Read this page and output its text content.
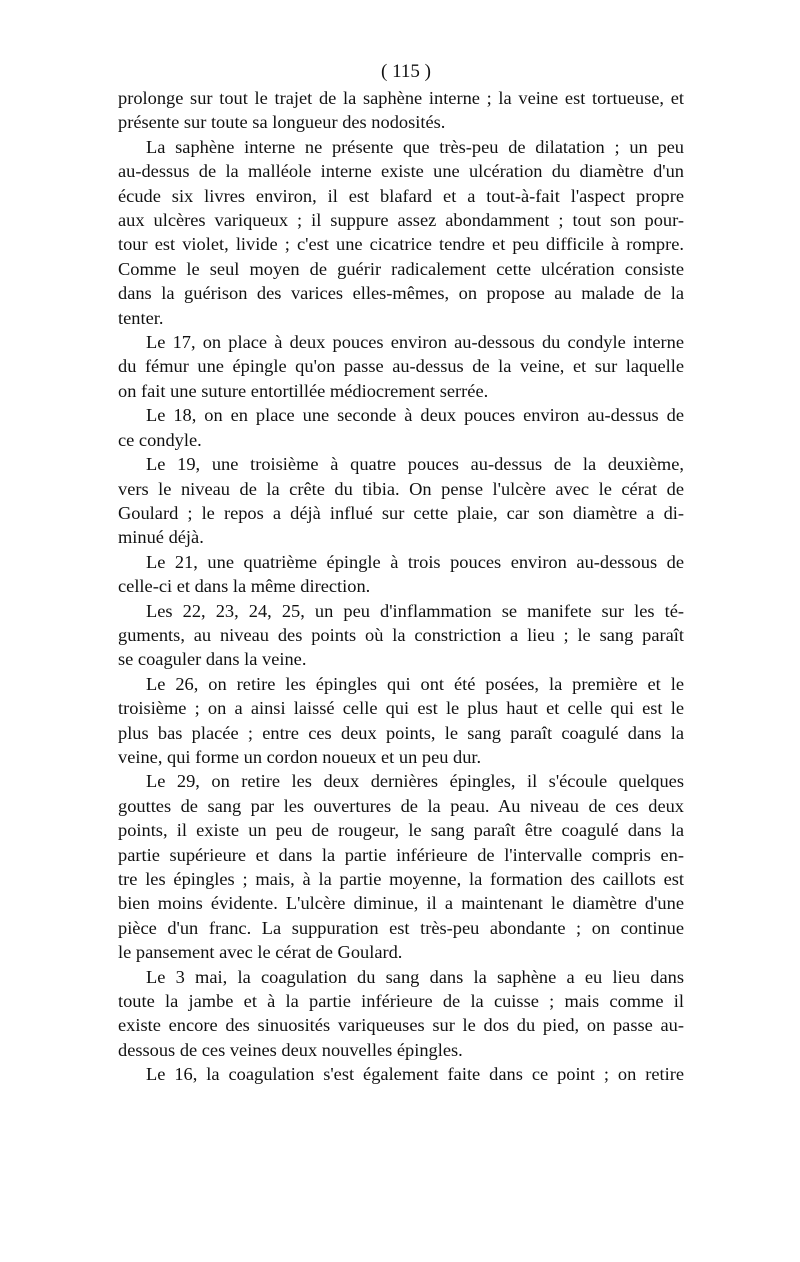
( 115 )

prolonge sur tout le trajet de la saphène interne ; la veine est tortueuse, et
présente sur toute sa longueur des nodosités.

La saphène interne ne présente que très-peu de dilatation ; un peu
au-dessus de la malléole interne existe une ulcération du diamètre d'un
écude six livres environ, il est blafard et a tout-à-fait l'aspect propre
aux ulcères variqueux ; il suppure assez abondamment ; tout son pour-
tour est violet, livide ; c'est une cicatrice tendre et peu difficile à rompre.
Comme le seul moyen de guérir radicalement cette ulcération consiste
dans la guérison des varices elles-mêmes, on propose au malade de la
tenter.

Le 17, on place à deux pouces environ au-dessous du condyle interne
du fémur une épingle qu'on passe au-dessus de la veine, et sur laquelle
on fait une suture entortillée médiocrement serrée.

Le 18, on en place une seconde à deux pouces environ au-dessus de
ce condyle.

Le 19, une troisième à quatre pouces au-dessus de la deuxième,
vers le niveau de la crête du tibia. On pense l'ulcère avec le cérat de
Goulard ; le repos a déjà influé sur cette plaie, car son diamètre a di-
minué déjà.

Le 21, une quatrième épingle à trois pouces environ au-dessous de
celle-ci et dans la même direction.

Les 22, 23, 24, 25, un peu d'inflammation se manifete sur les té-
guments, au niveau des points où la constriction a lieu ; le sang paraît
se coaguler dans la veine.

Le 26, on retire les épingles qui ont été posées, la première et le
troisième ; on a ainsi laissé celle qui est le plus haut et celle qui est le
plus bas placée ; entre ces deux points, le sang paraît coagulé dans la
veine, qui forme un cordon noueux et un peu dur.

Le 29, on retire les deux dernières épingles, il s'écoule quelques
gouttes de sang par les ouvertures de la peau. Au niveau de ces deux
points, il existe un peu de rougeur, le sang paraît être coagulé dans la
partie supérieure et dans la partie inférieure de l'intervalle compris en-
tre les épingles ; mais, à la partie moyenne, la formation des caillots est
bien moins évidente. L'ulcère diminue, il a maintenant le diamètre d'une
pièce d'un franc. La suppuration est très-peu abondante ; on continue
le pansement avec le cérat de Goulard.

Le 3 mai, la coagulation du sang dans la saphène a eu lieu dans
toute la jambe et à la partie inférieure de la cuisse ; mais comme il
existe encore des sinuosités variqueuses sur le dos du pied, on passe au-
dessous de ces veines deux nouvelles épingles.

Le 16, la coagulation s'est également faite dans ce point ; on retire
